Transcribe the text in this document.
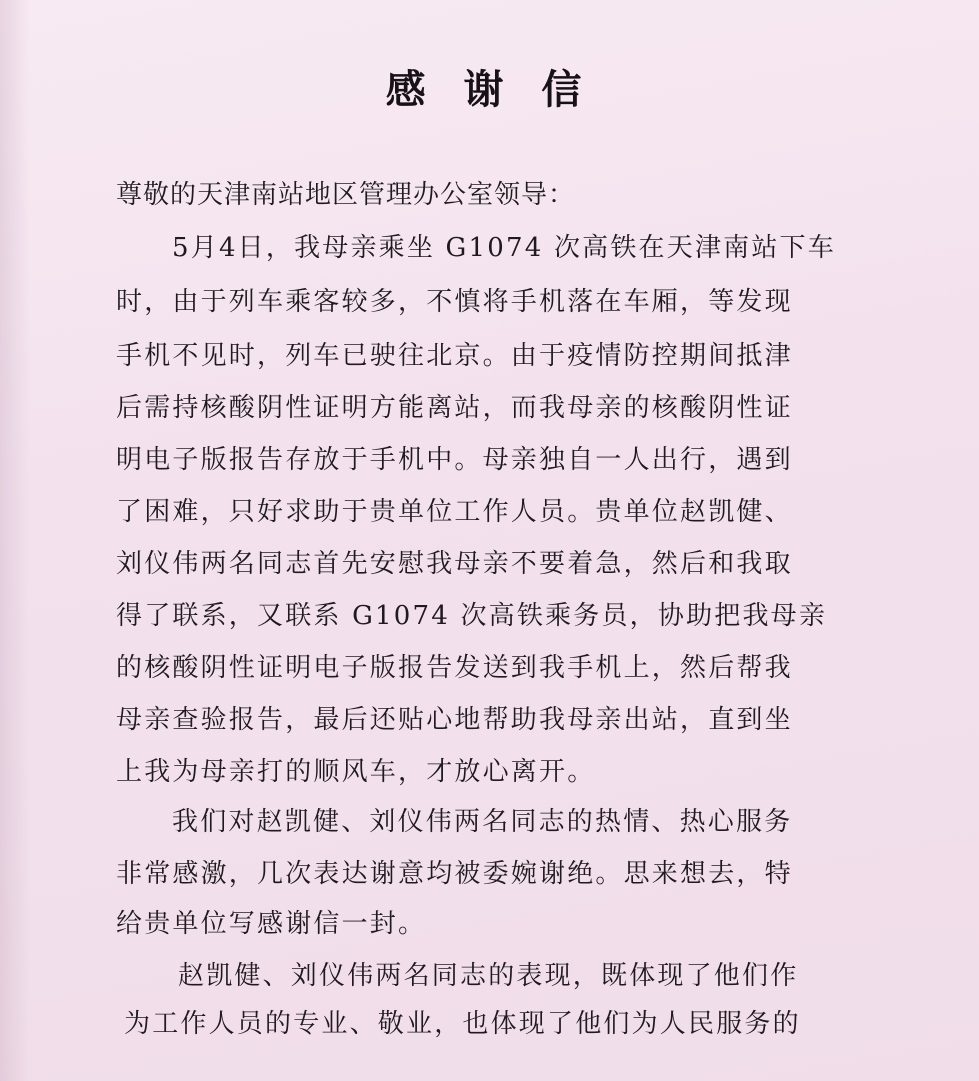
感 谢 信
尊敬的天津南站地区管理办公室领导：
5月4日，我母亲乘坐 G1074 次高铁在天津南站下车
时，由于列车乘客较多，不慎将手机落在车厢，等发现
手机不见时，列车已驶往北京。由于疫情防控期间抵津
后需持核酸阴性证明方能离站，而我母亲的核酸阴性证
明电子版报告存放于手机中。母亲独自一人出行，遇到
了困难，只好求助于贵单位工作人员。贵单位赵凯健、
刘仪伟两名同志首先安慰我母亲不要着急，然后和我取
得了联系，又联系 G1074 次高铁乘务员，协助把我母亲
的核酸阴性证明电子版报告发送到我手机上，然后帮我
母亲查验报告，最后还贴心地帮助我母亲出站，直到坐
上我为母亲打的顺风车，才放心离开。
我们对赵凯健、刘仪伟两名同志的热情、热心服务
非常感激，几次表达谢意均被委婉谢绝。思来想去，特
给贵单位写感谢信一封。
赵凯健、刘仪伟两名同志的表现，既体现了他们作
为工作人员的专业、敬业，也体现了他们为人民服务的
